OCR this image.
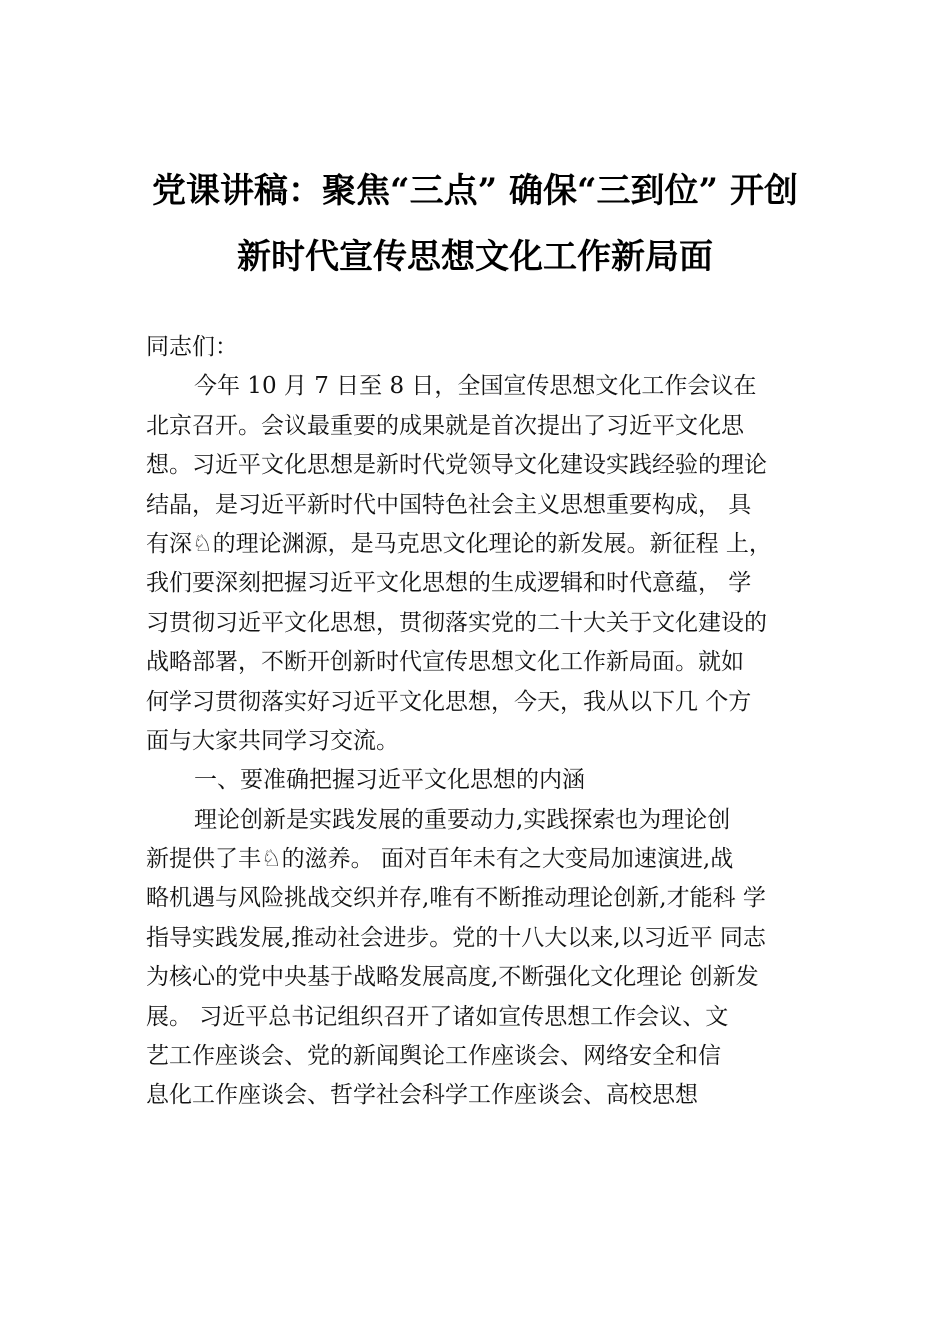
党课讲稿：聚焦“三点” 确保“三到位” 开创
新时代宣传思想文化工作新局面
同志们：
今年 10 月 7 日至 8 日，全国宣传思想文化工作会议在
北京召开。会议最重要的成果就是首次提出了习近平文化思
想。习近平文化思想是新时代党领导文化建设实践经验的理论
结晶，是习近平新时代中国特色社会主义思想重要构成， 具
有深♘的理论渊源，是马克思文化理论的新发展。新征程 上，
我们要深刻把握习近平文化思想的生成逻辑和时代意蕴， 学
习贯彻习近平文化思想，贯彻落实党的二十大关于文化建设的
战略部署，不断开创新时代宣传思想文化工作新局面。就如
何学习贯彻落实好习近平文化思想，今天，我从以下几 个方
面与大家共同学习交流。
一、要准确把握习近平文化思想的内涵
理论创新是实践发展的重要动力,实践探索也为理论创
新提供了丰♘的滋养。 面对百年未有之大变局加速演进,战
略机遇与风险挑战交织并存,唯有不断推动理论创新,才能科 学
指导实践发展,推动社会进步。党的十八大以来,以习近平 同志
为核心的党中央基于战略发展高度,不断强化文化理论 创新发
展。 习近平总书记组织召开了诸如宣传思想工作会议、文
艺工作座谈会、党的新闻舆论工作座谈会、网络安全和信
息化工作座谈会、哲学社会科学工作座谈会、高校思想
